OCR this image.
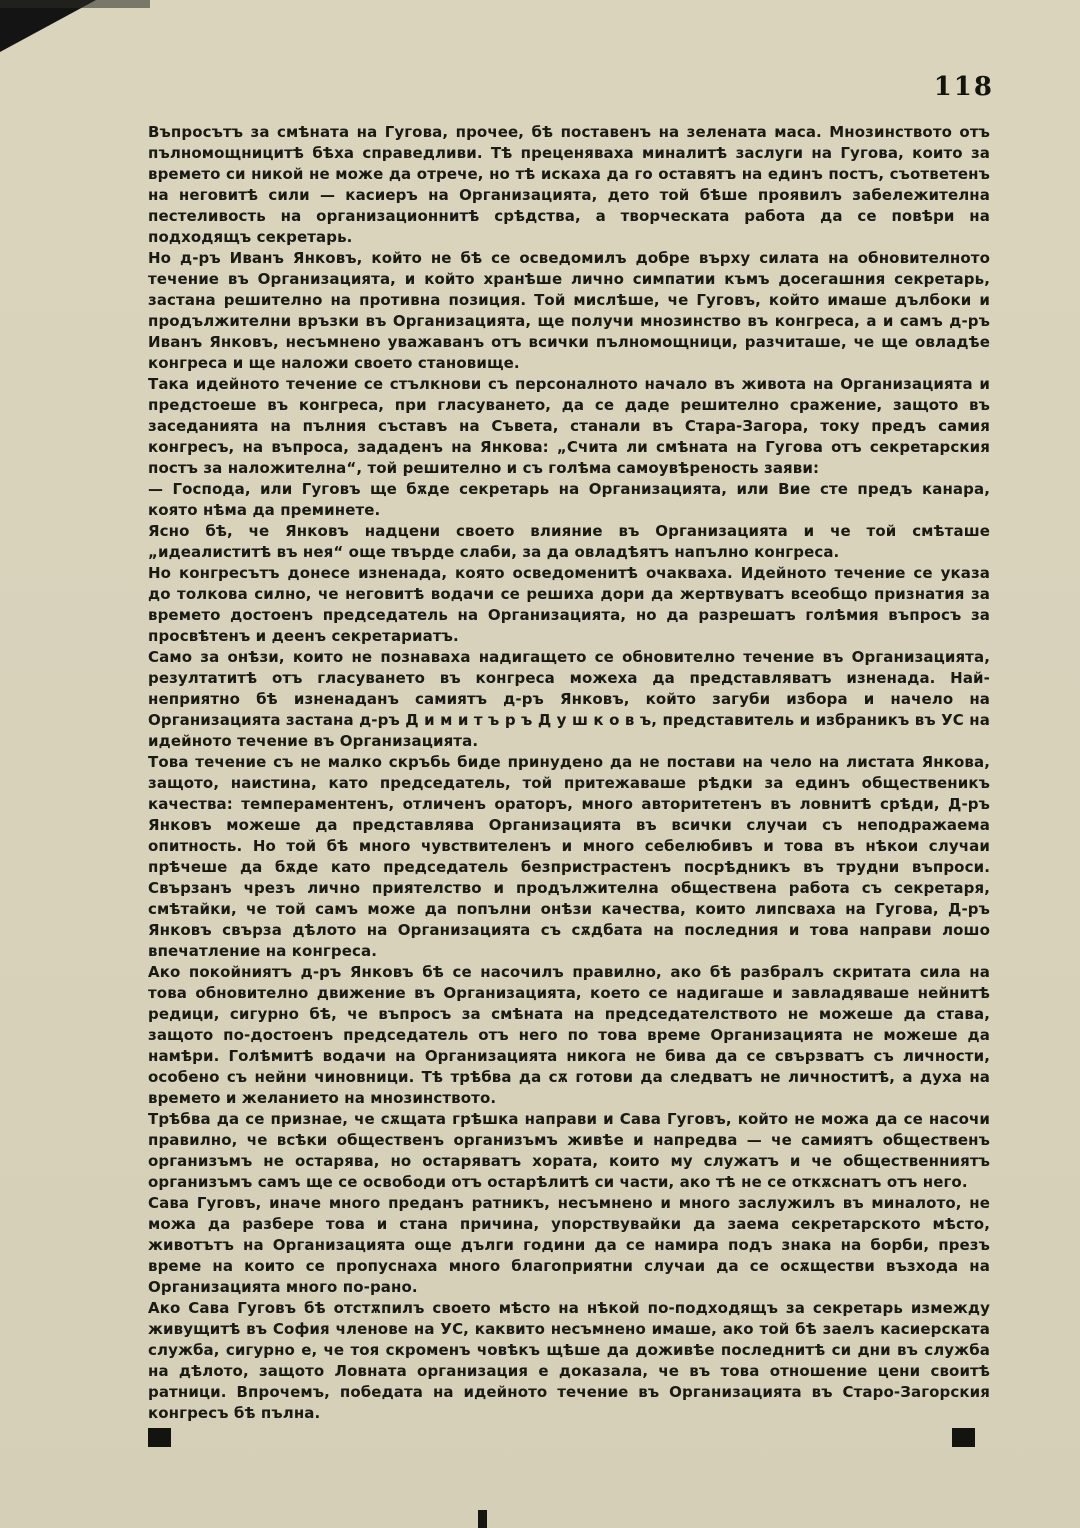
118

Въпросътъ за смѣната на Гугова, прочее, бѣ поставенъ на зелената маса. Мнозинството отъ пълномощницитѣ бѣха справедливи. Тѣ преценяваха миналитѣ заслуги на Гугова, които за времето си никой не може да отрече, но тѣ искаха да го оставятъ на единъ постъ, съответенъ на неговитѣ сили — касиеръ на Организацията, дето той бѣше проявилъ забележителна пестеливость на организационнитѣ срѣдства, а творческата работа да се повѣри на подходящъ секретарь.

Но д-ръ Иванъ Янковъ, който не бѣ се осведомилъ добре върху силата на обновителното течение въ Организацията, и който хранѣше лично симпатии къмъ досегашния секретарь, застана решително на противна позиция. Той мислѣше, че Гуговъ, който имаше дълбоки и продължителни връзки въ Организацията, ще получи мнозинство въ конгреса, а и самъ д-ръ Иванъ Янковъ, несъмнено уважаванъ отъ всички пълномощници, разчиташе, че ще овладѣе конгреса и ще наложи своето становище.

Така идейното течение се стълкнови съ персоналното начало въ живота на Организацията и предстоеше въ конгреса, при гласуването, да се даде решително сражение, защото въ заседанията на пълния съставъ на Съвета, станали въ Стара-Загора, току предъ самия конгресъ, на въпроса, зададенъ на Янкова: „Счита ли смѣната на Гугова отъ секретарския постъ за наложителна“, той решително и съ голѣма самоувѣреность заяви:

— Господа, или Гуговъ ще бѫде секретарь на Организацията, или Вие сте предъ канара, която нѣма да преминете.

Ясно бѣ, че Янковъ надцени своето влияние въ Организацията и че той смѣташе „идеалиститѣ въ нея“ още твърде слаби, за да овладѣятъ напълно конгреса.

Но конгресътъ донесе изненада, която осведоменитѣ очакваха. Идейното течение се указа до толкова силно, че неговитѣ водачи се решиха дори да жертвуватъ всеобщо признатия за времето достоенъ председатель на Организацията, но да разрешатъ голѣмия въпросъ за просвѣтенъ и деенъ секретариатъ.

Само за онѣзи, които не познаваха надигащето се обновително течение въ Организацията, резултатитѣ отъ гласуването въ конгреса можеха да представляватъ изненада. Най-неприятно бѣ изненаданъ самиятъ д-ръ Янковъ, който загуби избора и начело на Организацията застана д-ръ Д и м и т ъ р ъ Д у ш к о в ъ, представитель и избраникъ въ УС на идейното течение въ Организацията.

Това течение съ не малко скръбь биде принудено да не постави на чело на листата Янкова, защото, наистина, като председатель, той притежаваше рѣдки за единъ общественикъ качества: темпераментенъ, отличенъ ораторъ, много авторитетенъ въ ловнитѣ срѣди, Д-ръ Янковъ можеше да представлява Организацията въ всички случаи съ неподражаема опитность. Но той бѣ много чувствителенъ и много себелюбивъ и това въ нѣкои случаи прѣчеше да бѫде като председатель безпристрастенъ посрѣдникъ въ трудни въпроси. Свързанъ чрезъ лично приятелство и продължителна обществена работа съ секретаря, смѣтайки, че той самъ може да попълни онѣзи качества, които липсваха на Гугова, Д-ръ Янковъ свърза дѣлото на Организацията съ сѫдбата на последния и това направи лошо впечатление на конгреса.

Ако покойниятъ д-ръ Янковъ бѣ се насочилъ правилно, ако бѣ разбралъ скритата сила на това обновително движение въ Организацията, което се надигаше и завладяваше нейнитѣ редици, сигурно бѣ, че въпросъ за смѣната на председателството не можеше да става, защото по-достоенъ председатель отъ него по това време Организацията не можеше да намѣри. Голѣмитѣ водачи на Организацията никога не бива да се свързватъ съ личности, особено съ нейни чиновници. Тѣ трѣбва да сѫ готови да следватъ не личноститѣ, а духа на времето и желанието на мнозинството.

Трѣбва да се признае, че сѫщата грѣшка направи и Сава Гуговъ, който не можа да се насочи правилно, че всѣки общественъ организъмъ живѣе и напредва — че самиятъ общественъ организъмъ не остарява, но остаряватъ хората, които му служатъ и че общественниятъ организъмъ самъ ще се освободи отъ остарѣлитѣ си части, ако тѣ не се откѫснатъ отъ него.

Сава Гуговъ, иначе много преданъ ратникъ, несъмнено и много заслужилъ въ миналото, не можа да разбере това и стана причина, упорствувайки да заема секретарското мѣсто, животътъ на Организацията още дълги години да се намира подъ знака на борби, презъ време на които се пропуснаха много благоприятни случаи да се осѫществи възхода на Организацията много по-рано.

Ако Сава Гуговъ бѣ отстѫпилъ своето мѣсто на нѣкой по-подходящъ за секретарь измежду живущитѣ въ София членове на УС, каквито несъмнено имаше, ако той бѣ заелъ касиерската служба, сигурно е, че тоя скроменъ човѣкъ щѣше да доживѣе последнитѣ си дни въ служба на дѣлото, защото Ловната организация е доказала, че въ това отношение цени своитѣ ратници. Впрочемъ, победата на идейното течение въ Организацията въ Старо-Загорския конгресъ бѣ пълна.
